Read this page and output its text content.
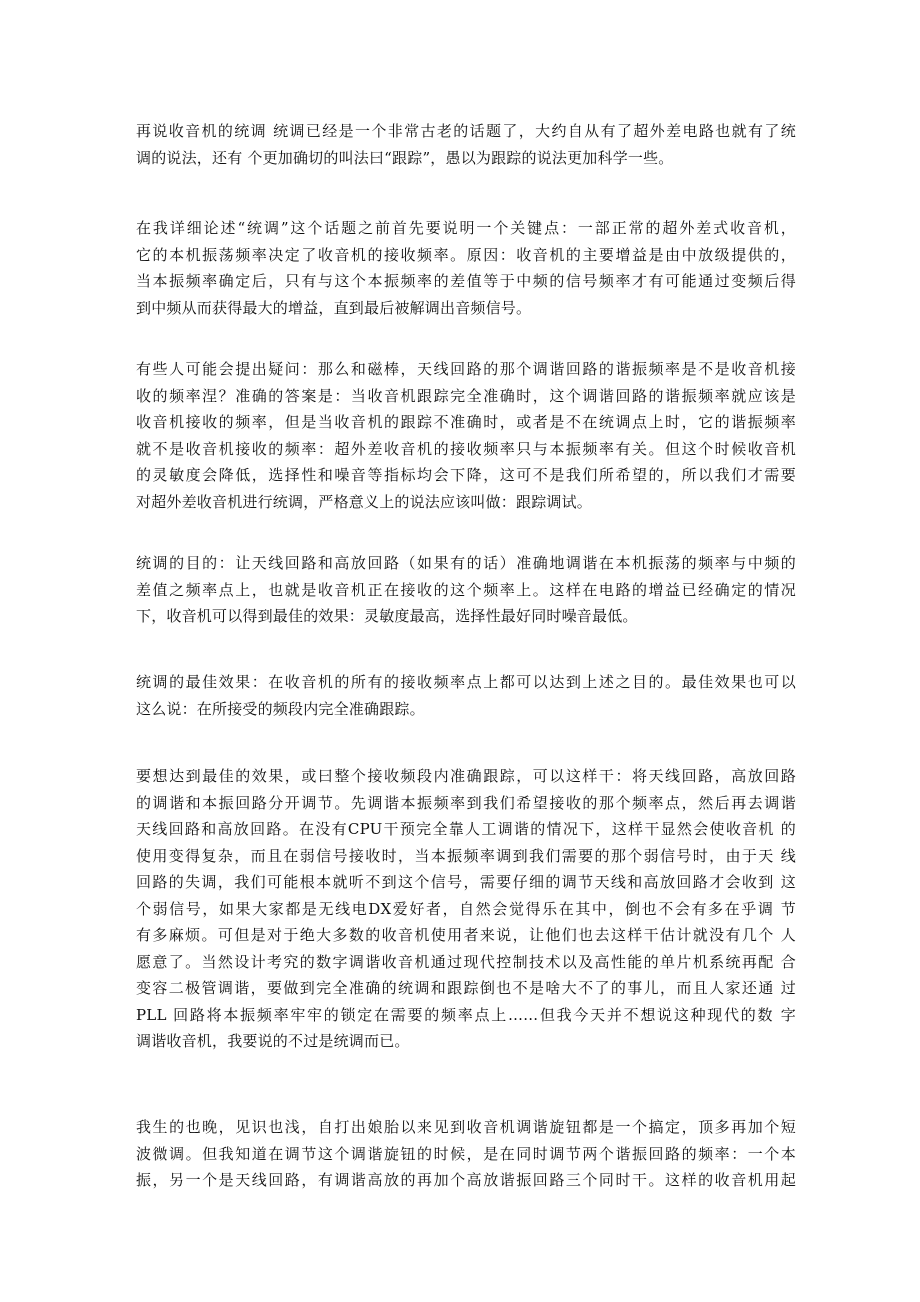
再说收音机的统调 统调已经是一个非常古老的话题了，大约自从有了超外差电路也就有了统
调的说法，还有 个更加确切的叫法曰“跟踪”，愚以为跟踪的说法更加科学一些。

在我详细论述“统调”这个话题之前首先要说明一个关键点：一部正常的超外差式收音机，
它的本机振荡频率决定了收音机的接收频率。原因：收音机的主要增益是由中放级提供的，
当本振频率确定后，只有与这个本振频率的差值等于中频的信号频率才有可能通过变频后得
到中频从而获得最大的增益，直到最后被解调出音频信号。

有些人可能会提出疑问：那么和磁棒，天线回路的那个调谐回路的谐振频率是不是收音机接
收的频率涅？准确的答案是：当收音机跟踪完全准确时，这个调谐回路的谐振频率就应该是
收音机接收的频率，但是当收音机的跟踪不准确时，或者是不在统调点上时，它的谐振频率
就不是收音机接收的频率：超外差收音机的接收频率只与本振频率有关。但这个时候收音机
的灵敏度会降低，选择性和噪音等指标均会下降，这可不是我们所希望的，所以我们才需要
对超外差收音机进行统调，严格意义上的说法应该叫做：跟踪调试。

统调的目的：让天线回路和高放回路（如果有的话）准确地调谐在本机振荡的频率与中频的
差值之频率点上，也就是收音机正在接收的这个频率上。这样在电路的增益已经确定的情况
下，收音机可以得到最佳的效果：灵敏度最高，选择性最好同时噪音最低。

统调的最佳效果：在收音机的所有的接收频率点上都可以达到上述之目的。最佳效果也可以
这么说：在所接受的频段内完全准确跟踪。

要想达到最佳的效果，或曰整个接收频段内准确跟踪，可以这样干：将天线回路，高放回路
的调谐和本振回路分开调节。先调谐本振频率到我们希望接收的那个频率点，然后再去调谐
天线回路和高放回路。在没有CPU干预完全靠人工调谐的情况下，这样干显然会使收音机 的
使用变得复杂，而且在弱信号接收时，当本振频率调到我们需要的那个弱信号时，由于天 线
回路的失调，我们可能根本就听不到这个信号，需要仔细的调节天线和高放回路才会收到 这
个弱信号，如果大家都是无线电DX爱好者，自然会觉得乐在其中，倒也不会有多在乎调 节
有多麻烦。可但是对于绝大多数的收音机使用者来说，让他们也去这样干估计就没有几个 人
愿意了。当然设计考究的数字调谐收音机通过现代控制技术以及高性能的单片机系统再配 合
变容二极管调谐，要做到完全准确的统调和跟踪倒也不是啥大不了的事儿，而且人家还通 过
PLL 回路将本振频率牢牢的锁定在需要的频率点上……但我今天并不想说这种现代的数 字
调谐收音机，我要说的不过是统调而已。

我生的也晚，见识也浅，自打出娘胎以来见到收音机调谐旋钮都是一个搞定，顶多再加个短
波微调。但我知道在调节这个调谐旋钮的时候，是在同时调节两个谐振回路的频率：一个本
振，另一个是天线回路，有调谐高放的再加个高放谐振回路三个同时干。这样的收音机用起
